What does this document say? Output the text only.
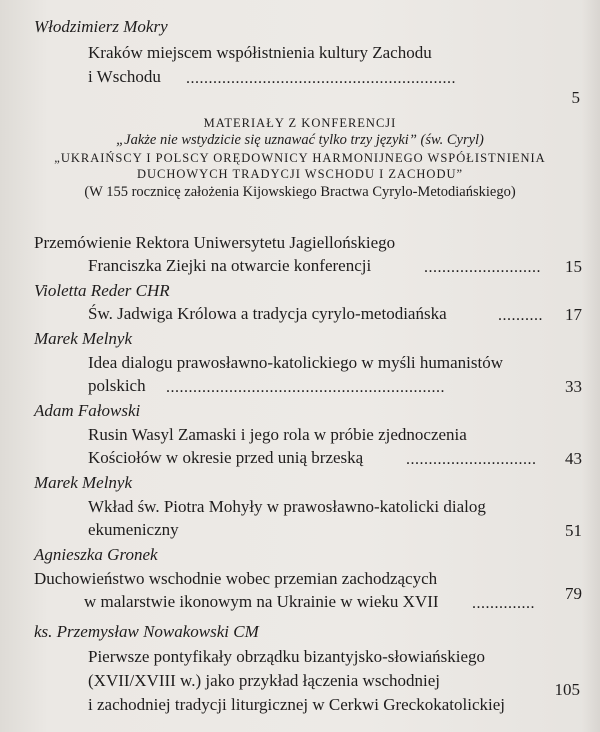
Włodzimierz Mokry
Kraków miejscem współistnienia kultury Zachodu
i Wschodu ............................................................
5
MATERIAŁY Z KONFERENCJI
„Jakże nie wstydzicie się uznawać tylko trzy języki” (św. Cyryl)
„UKRAIŃSCY I POLSCY ORĘDOWNICY HARMONIJNEGO WSPÓŁISTNIENIA
DUCHOWYCH TRADYCJI WSCHODU I ZACHODU”
(W 155 rocznicę założenia Kijowskiego Bractwa Cyrylo-Metodiańskiego)
Przemówienie Rektora Uniwersytetu Jagiellońskiego
Franciszka Ziejki na otwarcie konferencji	..........................	15
Violetta Reder CHR
Św. Jadwiga Królowa a tradycja cyrylo-metodiańska	..........	17
Marek Melnyk
Idea dialogu prawosławno-katolickiego w myśli humanistów
polskich ..............................................................	33
Adam Fałowski
Rusin Wasyl Zamaski i jego rola w próbie zjednoczenia
Kościołów w okresie przed unią brzeską	.............................	43
Marek Melnyk
Wkład św. Piotra Mohyły w prawosławno-katolicki dialog
ekumeniczny	51
Agnieszka Gronek
Duchowieństwo wschodnie wobec przemian zachodzących
w malarstwie ikonowym na Ukrainie w wieku XVII ..............
79
ks. Przemysław Nowakowski CM
Pierwsze pontyfikały obrządku bizantyjsko-słowiańskiego
(XVII/XVIII w.) jako przykład łączenia wschodniej
i zachodniej tradycji liturgicznej w Cerkwi Greckokatolickiej
105
